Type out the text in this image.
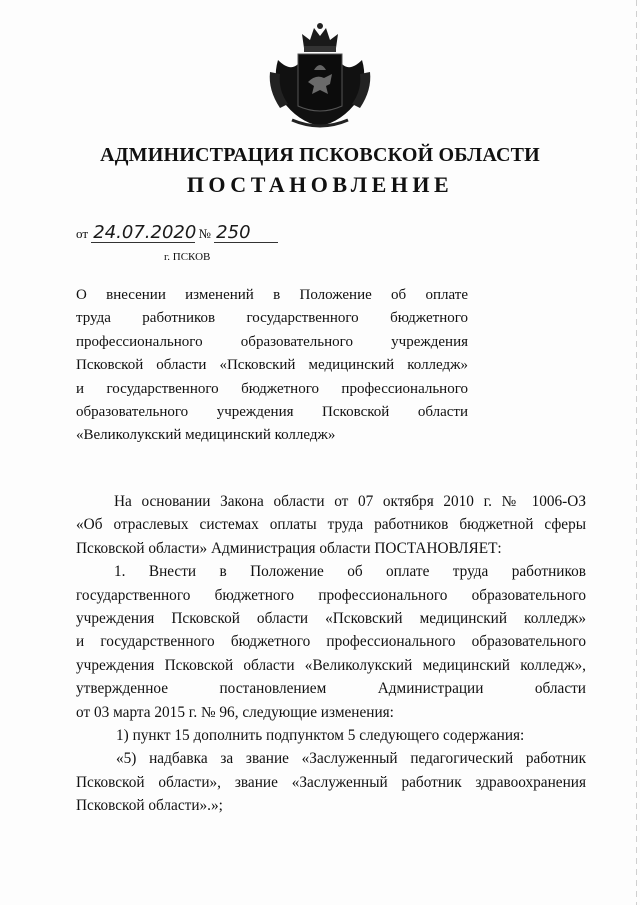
АДМИНИСТРАЦИЯ ПСКОВСКОЙ ОБЛАСТИ
ПОСТАНОВЛЕНИЕ
от 24.07.2020 № 250
г. ПСКОВ
О внесении изменений в Положение об оплате
труда работников государственного бюджетного
профессионального образовательного учреждения
Псковской области «Псковский медицинский колледж»
и государственного бюджетного профессионального
образовательного учреждения Псковской области
«Великолукский медицинский колледж»
На основании Закона области от 07 октября 2010 г. № 1006-ОЗ
«Об отраслевых системах оплаты труда работников бюджетной сферы
Псковской области» Администрация области ПОСТАНОВЛЯЕТ:
1. Внести в Положение об оплате труда работников
государственного бюджетного профессионального образовательного
учреждения Псковской области «Псковский медицинский колледж»
и государственного бюджетного профессионального образовательного
учреждения Псковской области «Великолукский медицинский колледж»,
утвержденное постановлением Администрации области
от 03 марта 2015 г. № 96, следующие изменения:
1) пункт 15 дополнить подпунктом 5 следующего содержания:
«5) надбавка за звание «Заслуженный педагогический работник
Псковской области», звание «Заслуженный работник здравоохранения
Псковской области».»;
